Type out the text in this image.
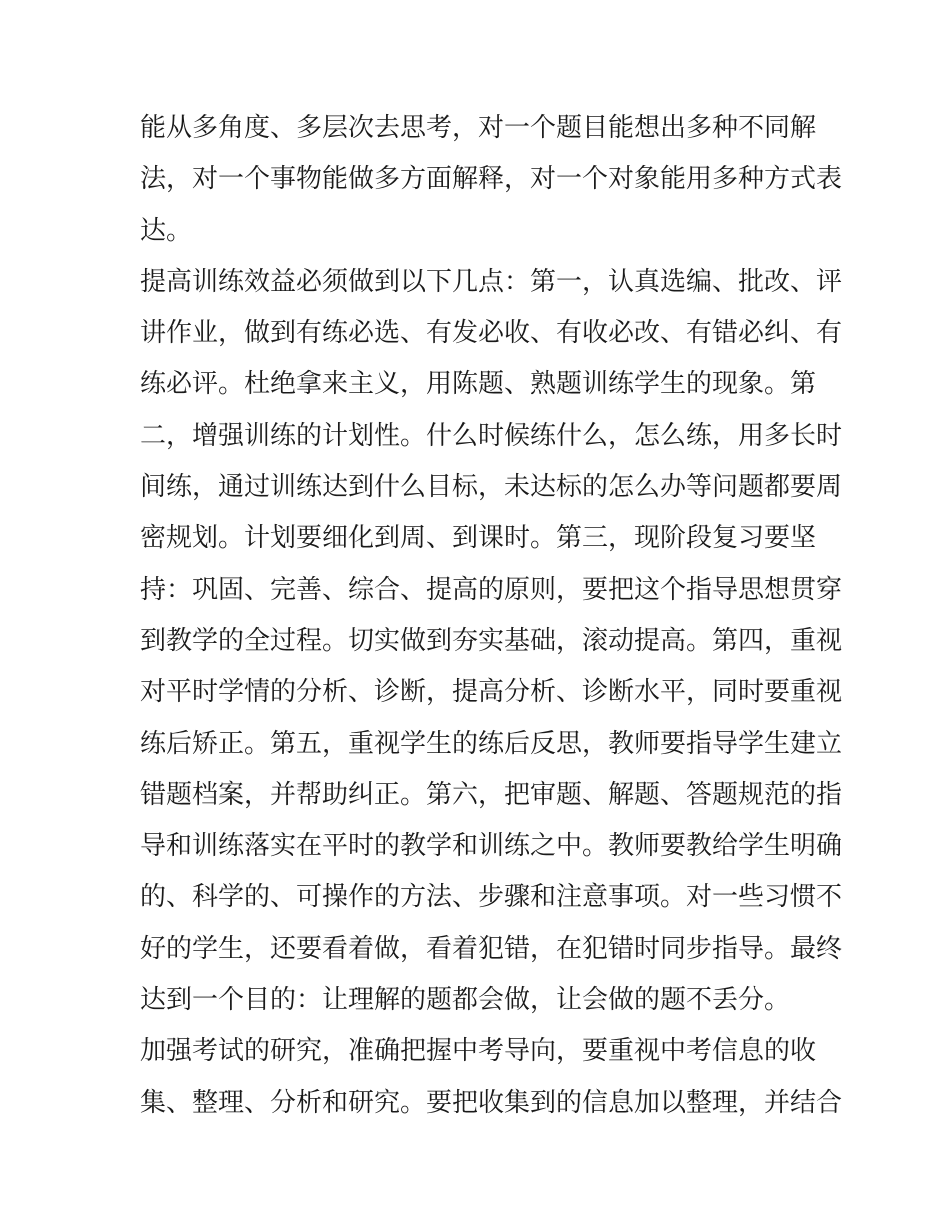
能从多角度、多层次去思考，对一个题目能想出多种不同解
法，对一个事物能做多方面解释，对一个对象能用多种方式表
达。
提高训练效益必须做到以下几点：第一，认真选编、批改、评
讲作业，做到有练必选、有发必收、有收必改、有错必纠、有
练必评。杜绝拿来主义，用陈题、熟题训练学生的现象。第
二，增强训练的计划性。什么时候练什么，怎么练，用多长时
间练，通过训练达到什么目标，未达标的怎么办等问题都要周
密规划。计划要细化到周、到课时。第三，现阶段复习要坚
持：巩固、完善、综合、提高的原则，要把这个指导思想贯穿
到教学的全过程。切实做到夯实基础，滚动提高。第四，重视
对平时学情的分析、诊断，提高分析、诊断水平，同时要重视
练后矫正。第五，重视学生的练后反思，教师要指导学生建立
错题档案，并帮助纠正。第六，把审题、解题、答题规范的指
导和训练落实在平时的教学和训练之中。教师要教给学生明确
的、科学的、可操作的方法、步骤和注意事项。对一些习惯不
好的学生，还要看着做，看着犯错，在犯错时同步指导。最终
达到一个目的：让理解的题都会做，让会做的题不丢分。
加强考试的研究，准确把握中考导向，要重视中考信息的收
集、整理、分析和研究。要把收集到的信息加以整理，并结合
